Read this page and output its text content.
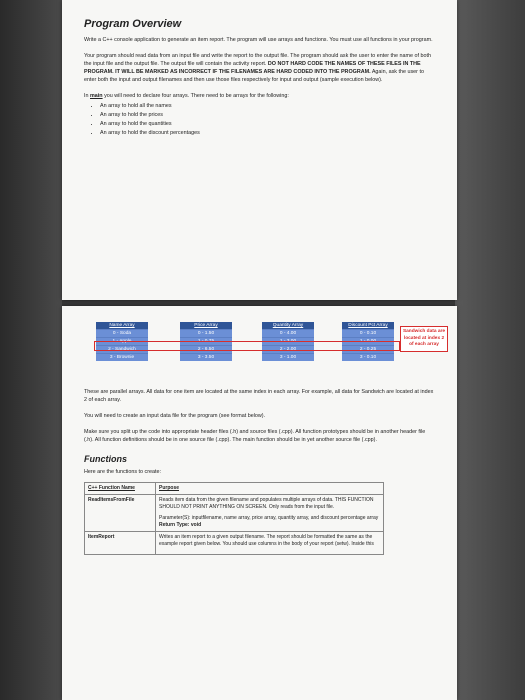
Program Overview

Write a C++ console application to generate an item report. The program will use arrays and functions. You must use all functions in your program.

Your program should read data from an input file and write the report to the output file. The program should ask the user to enter the name of both the input file and the output file. The output file will contain the activity report. DO NOT HARD CODE THE NAMES OF THESE FILES IN THE PROGRAM. IT WILL BE MARKED AS INCORRECT IF THE FILENAMES ARE HARD CODED INTO THE PROGRAM. Again, ask the user to enter both the input and output filenames and then use those files respectively for input and output (sample execution below).

In main you will need to declare four arrays. There need to be arrays for the following:

• An array to hold all the names
• An array to hold the prices
• An array to hold the quantities
• An array to hold the discount percentages
Name Array
0 - Soda
1 - Apple
2 - Sandwich
3 - Brownie
Price Array
0 - 1.50
1 - 0.75
2 - 6.50
3 - 3.50
Quantity Array
0 - 4.00
1 - 3.00
2 - 2.00
3 - 1.00
Discount Pct Array
0 - 0.10
1 - 0.00
2 - 0.25
3 - 0.10
Sandwich data are located at index 2 of each array

These are parallel arrays. All data for one item are located at the same index in each array. For example, all data for Sandwich are located at index 2 of each array.

You will need to create an input data file for the program (see format below).

Make sure you split up the code into appropriate header files (.h) and source files (.cpp). All function prototypes should be in another header file (.h). All function definitions should be in one source file (.cpp). The main function should be in yet another source file (.cpp).

Functions

Here are the functions to create:

C++ Function Name	Purpose
ReadItemsFromFile	Reads item data from the given filename and populates multiple arrays of data. THIS FUNCTION SHOULD NOT PRINT ANYTHING ON SCREEN. Only reads from the input file.
Parameter(S): inputfilename, name array, price array, quantity array, and discount percentage array
Return Type: void

ItemReport	Writes an item report to a given output filename. The report should be formatted the same as the example report given below. You should use columns in the body of your report (setw). Inside this
